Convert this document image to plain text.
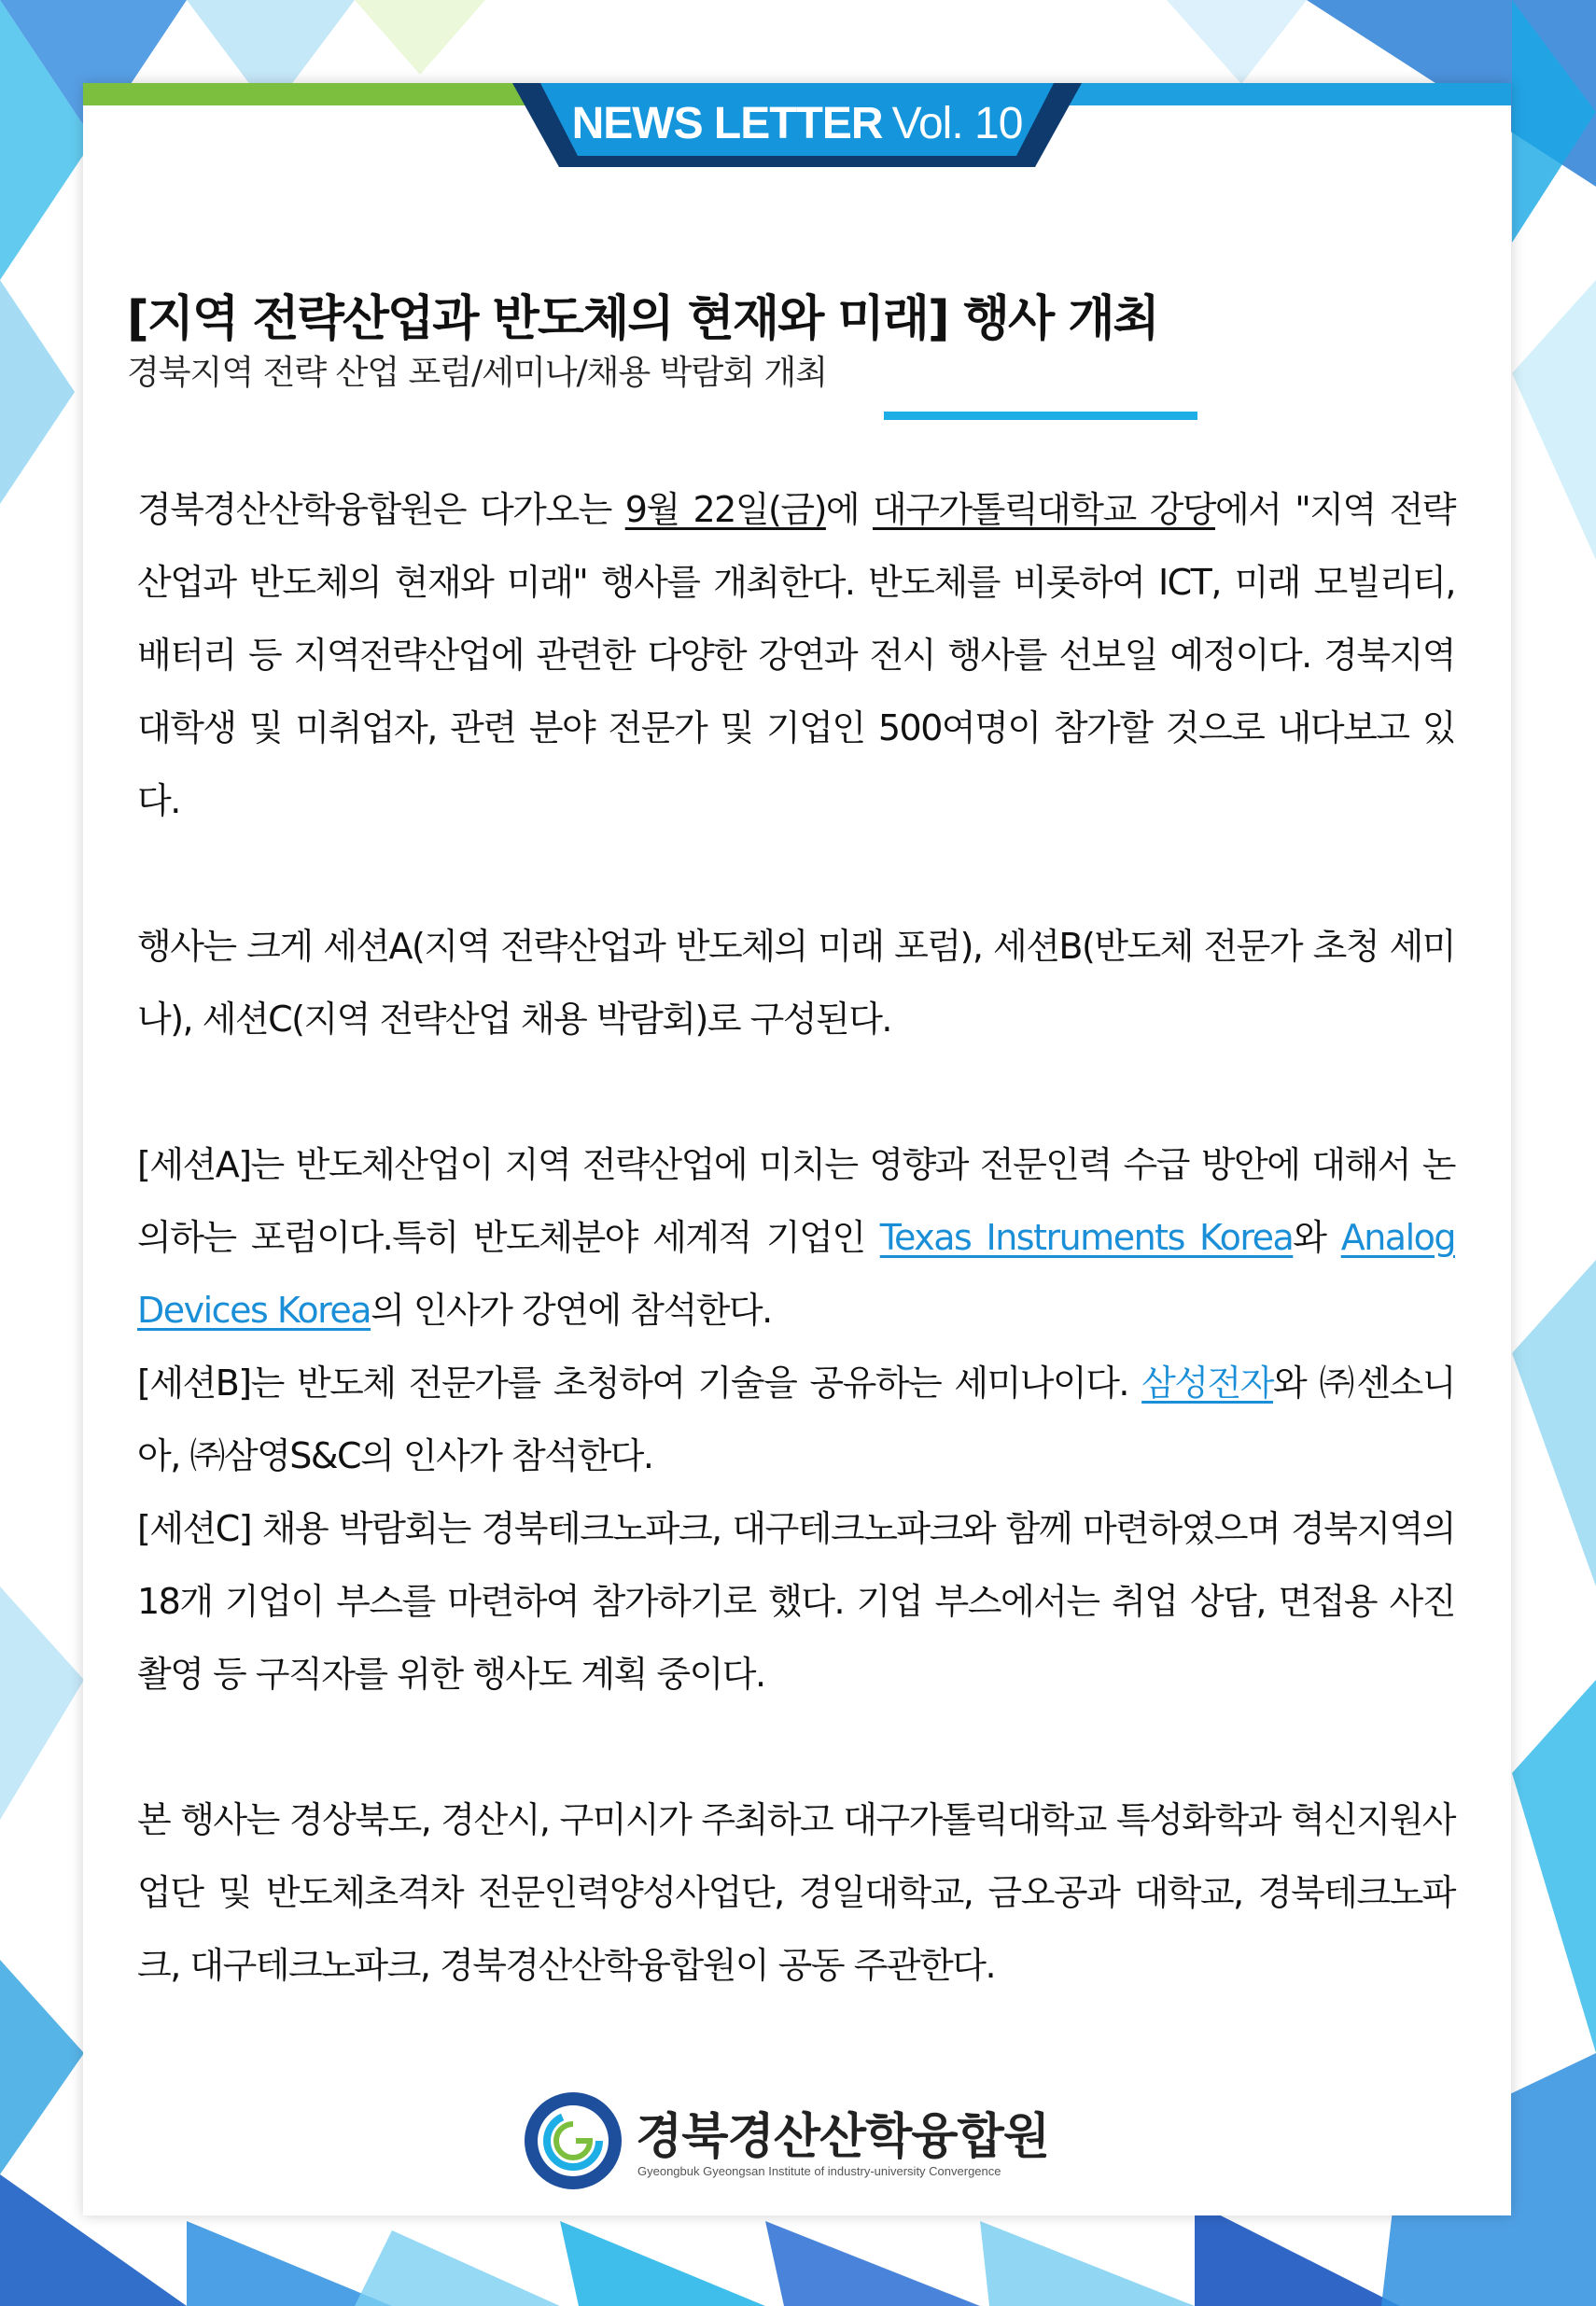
NEWS LETTER Vol. 10
[지역 전략산업과 반도체의 현재와 미래] 행사 개최
경북지역 전략 산업 포럼/세미나/채용 박람회 개최

경북경산산학융합원은 다가오는 9월 22일(금)에 대구가톨릭대학교 강당에서 "지역 전략산업과 반도체의 현재와 미래" 행사를 개최한다. 반도체를 비롯하여 ICT, 미래 모빌리티, 배터리 등 지역전략산업에 관련한 다양한 강연과 전시 행사를 선보일 예정이다. 경북지역 대학생 및 미취업자, 관련 분야 전문가 및 기업인 500여명이 참가할 것으로 내다보고 있다.

행사는 크게 세션A(지역 전략산업과 반도체의 미래 포럼), 세션B(반도체 전문가 초청 세미나), 세션C(지역 전략산업 채용 박람회)로 구성된다.

[세션A]는 반도체산업이 지역 전략산업에 미치는 영향과 전문인력 수급 방안에 대해서 논의하는 포럼이다.특히 반도체분야 세계적 기업인 Texas Instruments Korea와 Analog Devices Korea의 인사가 강연에 참석한다.

[세션B]는 반도체 전문가를 초청하여 기술을 공유하는 세미나이다. 삼성전자와 ㈜센소니아, ㈜삼영S&C의 인사가 참석한다.

[세션C] 채용 박람회는 경북테크노파크, 대구테크노파크와 함께 마련하였으며 경북지역의 18개 기업이 부스를 마련하여 참가하기로 했다. 기업 부스에서는 취업 상담, 면접용 사진촬영 등 구직자를 위한 행사도 계획 중이다.

본 행사는 경상북도, 경산시, 구미시가 주최하고 대구가톨릭대학교 특성화학과 혁신지원사업단 및 반도체초격차 전문인력양성사업단, 경일대학교, 금오공과 대학교, 경북테크노파크, 대구테크노파크, 경북경산산학융합원이 공동 주관한다.

경북경산산학융합원
Gyeongbuk Gyeongsan Institute of industry-university Convergence
